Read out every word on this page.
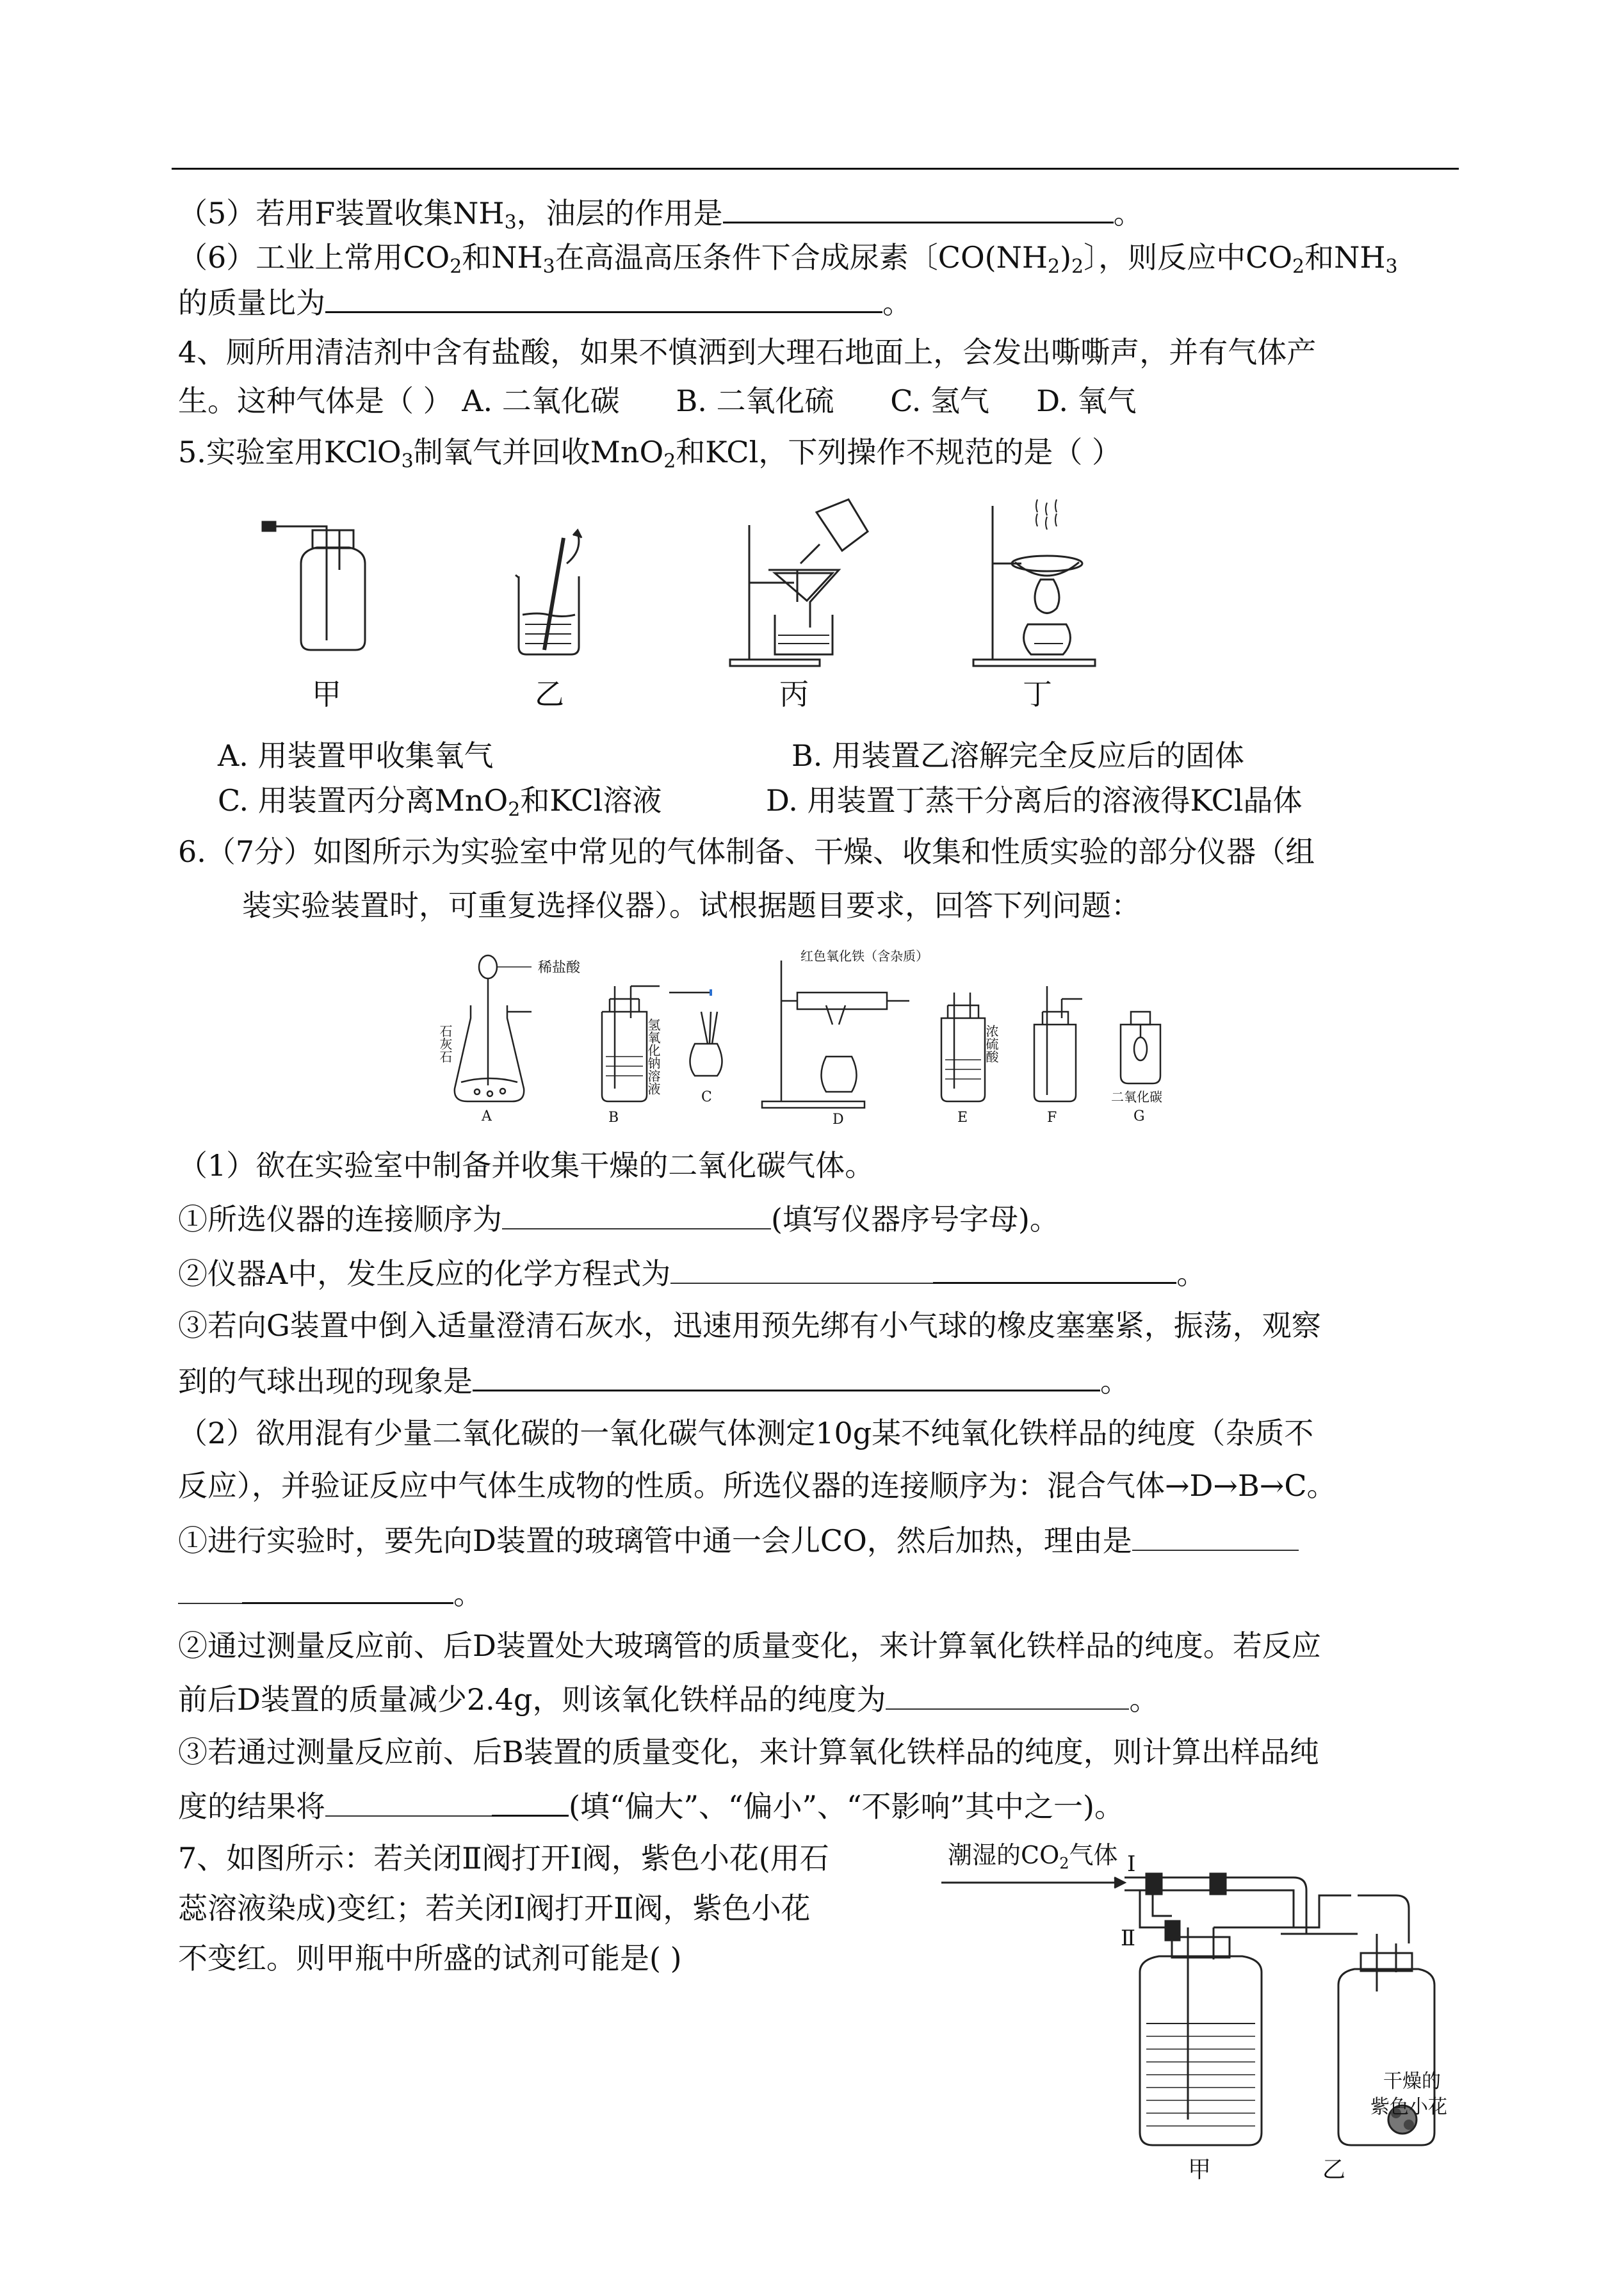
（5）若用F装置收集$NH_3$，油层的作用是	。
（6）工业上常用$CO_2$和$NH_3$在高温高压条件下合成尿素〔$CO(NH_2)_2$〕，则反应中$CO_2$和$NH_3$
的质量比为	。
4、厕所用清洁剂中含有盐酸，如果不慎洒到大理石地面上，会发出嘶嘶声，并有气体产
生。这种气体是（ ） A. 二氧化碳 B. 二氧化硫 C. 氢气 D. 氧气
5.实验室用KClO$_3$制氧气并回收MnO$_2$和KCl，下列操作不规范的是（ ）
甲	乙	丙	丁
A. 用装置甲收集氧气	B. 用装置乙溶解完全反应后的固体
C. 用装置丙分离MnO$_2$和KCl溶液	D. 用装置丁蒸干分离后的溶液得KCl晶体
6.（7分）如图所示为实验室中常见的气体制备、干燥、收集和性质实验的部分仪器（组
装实验装置时，可重复选择仪器）。试根据题目要求，回答下列问题：
稀盐酸
石灰石
A
氢氧化钠溶液
B
C
红色氧化铁（含杂质）
D
浓硫酸
E	F
二氧化碳
G
（1）欲在实验室中制备并收集干燥的二氧化碳气体。
①所选仪器的连接顺序为	(填写仪器序号字母)。
②仪器A中，发生反应的化学方程式为	。
③若向G装置中倒入适量澄清石灰水，迅速用预先绑有小气球的橡皮塞塞紧，振荡，观察
到的气球出现的现象是	。
（2）欲用混有少量二氧化碳的一氧化碳气体测定10g某不纯氧化铁样品的纯度（杂质不
反应），并验证反应中气体生成物的性质。所选仪器的连接顺序为：混合气体→D→B→C。
①进行实验时，要先向D装置的玻璃管中通一会儿CO，然后加热，理由是
。
②通过测量反应前、后D装置处大玻璃管的质量变化，来计算氧化铁样品的纯度。若反应
前后D装置的质量减少2.4g，则该氧化铁样品的纯度为	。
③若通过测量反应前、后B装置的质量变化，来计算氧化铁样品的纯度，则计算出样品纯
度的结果将	(填“偏大”、“偏小”、“不影响”其中之一)。
7、如图所示：若关闭Ⅱ阀打开Ⅰ阀，紫色小花(用石
蕊溶液染成)变红；若关闭Ⅰ阀打开Ⅱ阀，紫色小花
不变红。则甲瓶中所盛的试剂可能是( )
潮湿的$CO_2$气体 Ⅰ
Ⅱ
干燥的
紫色小花
甲	乙
